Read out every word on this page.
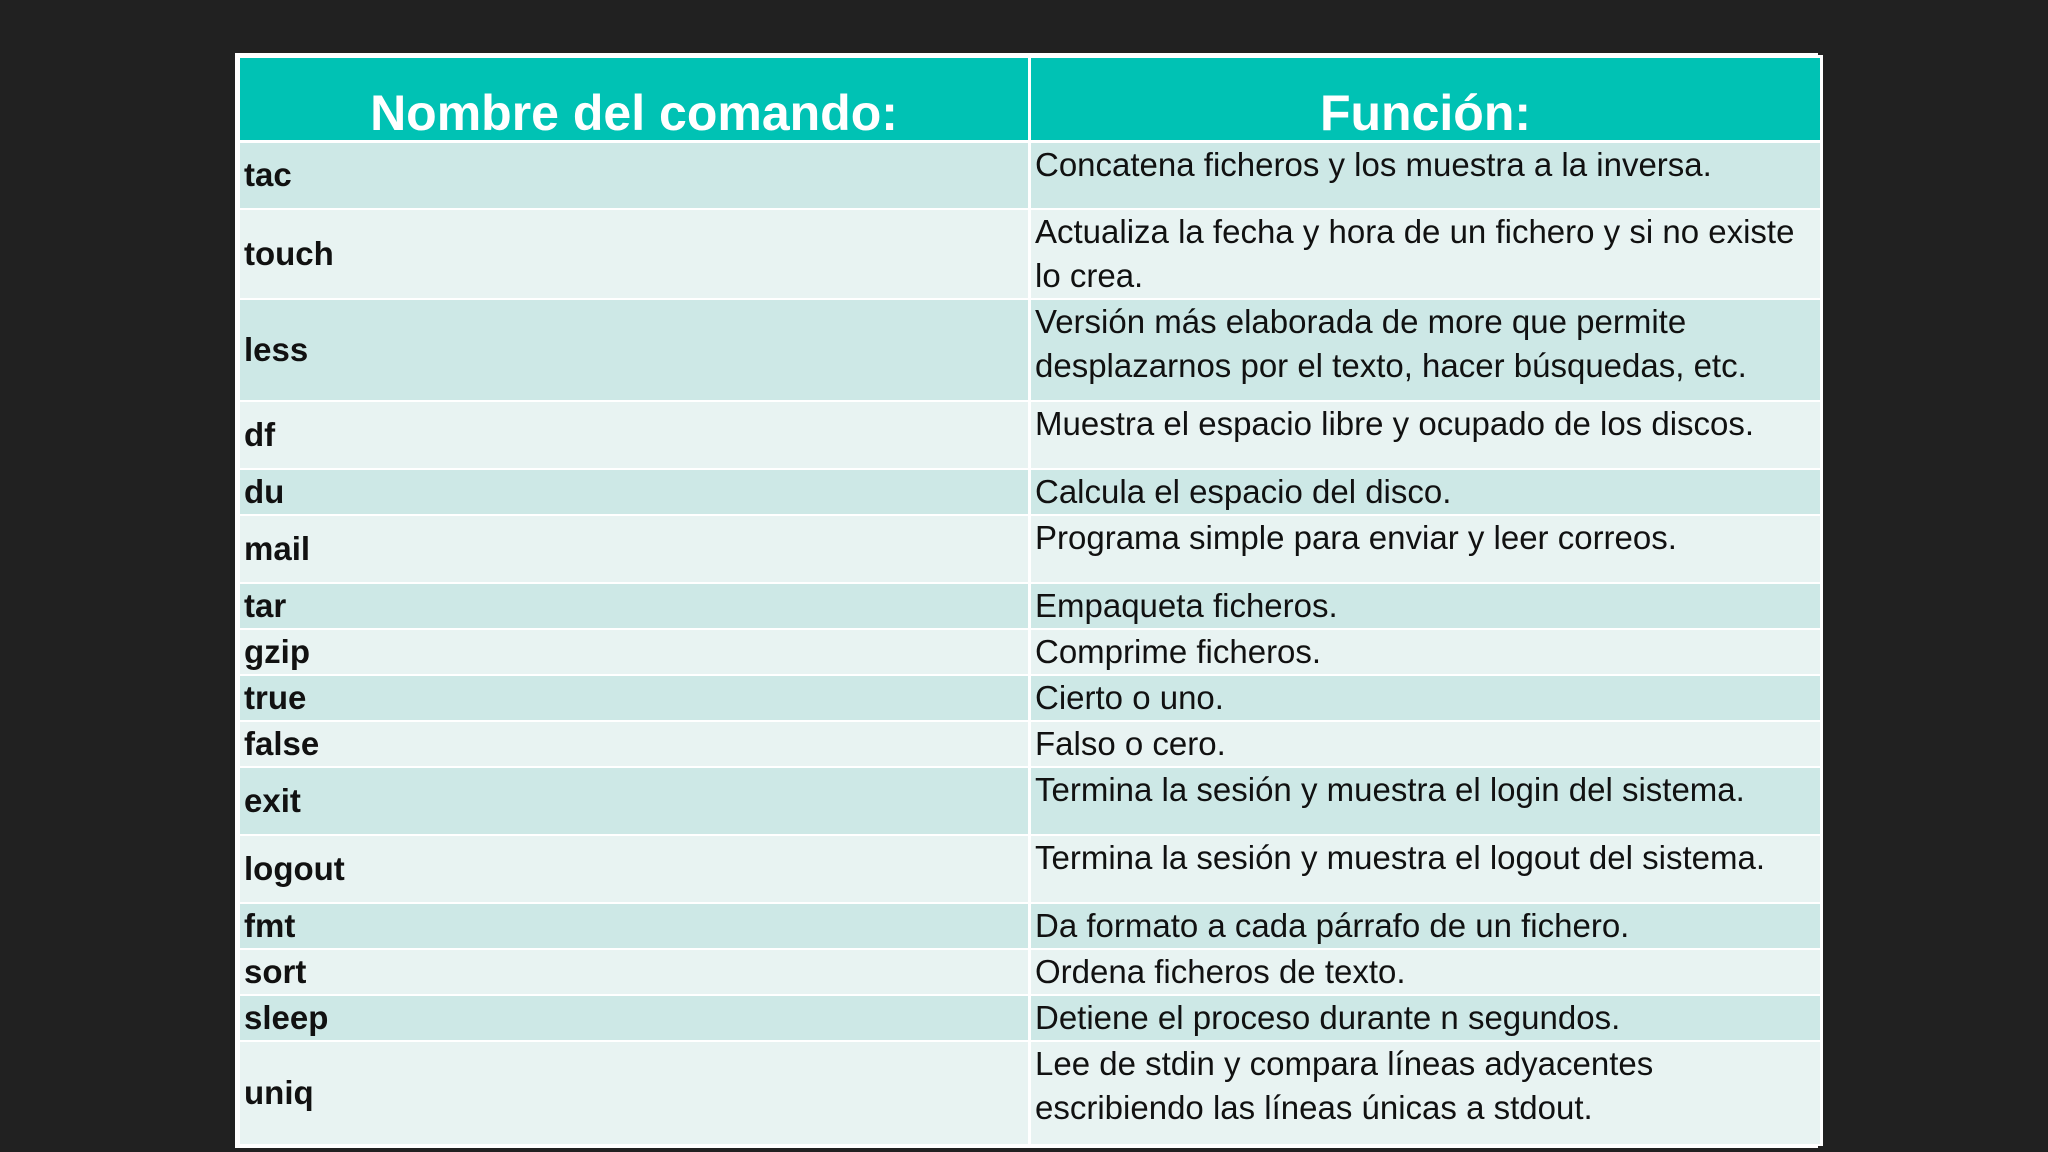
Nombre del comando:	Función:
tac	Concatena ficheros y los muestra a la inversa.
touch	Actualiza la fecha y hora de un fichero y si no existe lo crea.
less	Versión más elaborada de more que permite desplazarnos por el texto, hacer búsquedas, etc.
df	Muestra el espacio libre y ocupado de los discos.
du	Calcula el espacio del disco.
mail	Programa simple para enviar y leer correos.
tar	Empaqueta ficheros.
gzip	Comprime ficheros.
true	Cierto o uno.
false	Falso o cero.
exit	Termina la sesión y muestra el login del sistema.
logout	Termina la sesión y muestra el logout del sistema.
fmt	Da formato a cada párrafo de un fichero.
sort	Ordena ficheros de texto.
sleep	Detiene el proceso durante n segundos.
uniq	Lee de stdin y compara líneas adyacentes escribiendo las líneas únicas a stdout.
